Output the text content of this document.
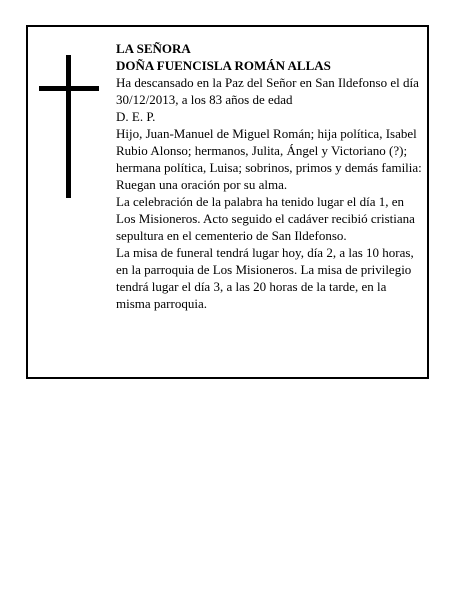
LA SEÑORA

DOÑA FUENCISLA ROMÁN ALLAS

Ha descansado en la Paz del Señor en San Ildefonso el día 30/12/2013, a los 83 años de edad

D. E. P.

Hijo, Juan-Manuel de Miguel Román; hija política, Isabel Rubio Alonso; hermanos, Julita, Ángel y Victoriano (?); hermana política, Luisa; sobrinos, primos y demás familia:

Ruegan una oración por su alma.

La celebración de la palabra ha tenido lugar el día 1, en Los Misioneros. Acto seguido el cadáver recibió cristiana sepultura en el cementerio de San Ildefonso.

La misa de funeral tendrá lugar hoy, día 2, a las 10 horas, en la parroquia de Los Misioneros. La misa de privilegio tendrá lugar el día 3, a las 20 horas de la tarde, en la misma parroquia.
